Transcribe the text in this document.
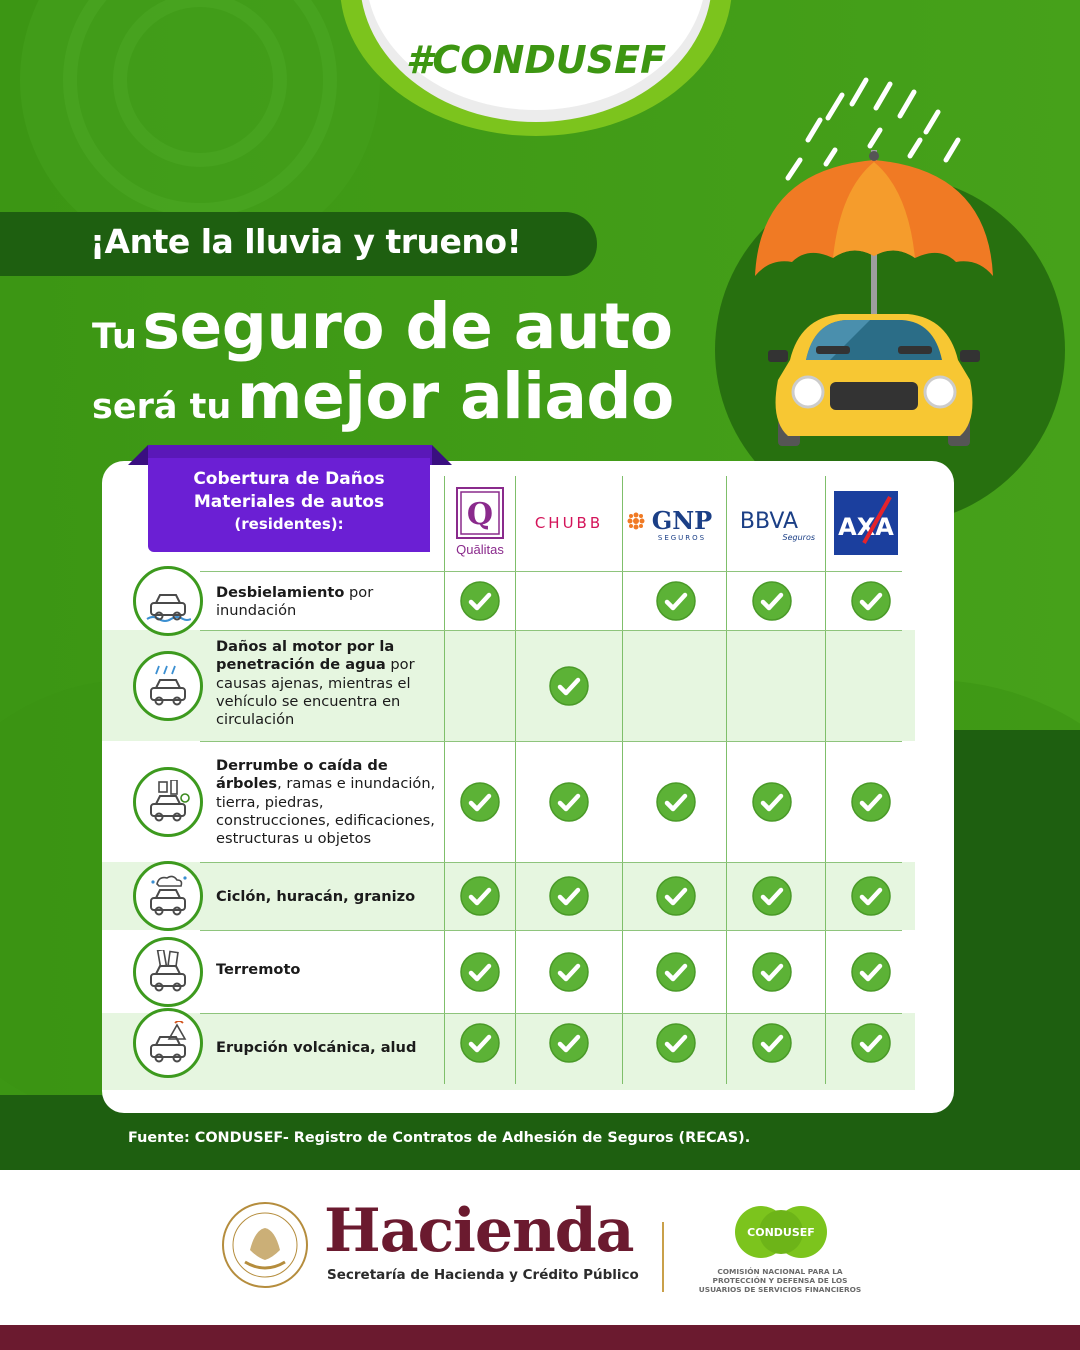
#CONDUSEF
¡Ante la lluvia y trueno!
Tu seguro de auto
será tu mejor aliado
Cobertura de Daños Materiales de autos
(residentes):	Q
Quālitas
CHUBB GNP
SEGUROS
BBVA
Seguros AXA
Desbielamiento por inundación
Daños al motor por la penetración de agua por causas ajenas, mientras el vehículo se encuentra en circulación
Derrumbe o caída de árboles, ramas e inundación, tierra, piedras, construcciones, edificaciones, estructuras u objetos
Ciclón, huracán, granizo
Terremoto
Erupción volcánica, alud
Fuente: CONDUSEF- Registro de Contratos de Adhesión de Seguros (RECAS).
Hacienda
Secretaría de Hacienda y Crédito Público
CONDUSEF
COMISIÓN NACIONAL PARA LA PROTECCIÓN Y DEFENSA DE LOS USUARIOS DE SERVICIOS FINANCIEROS
